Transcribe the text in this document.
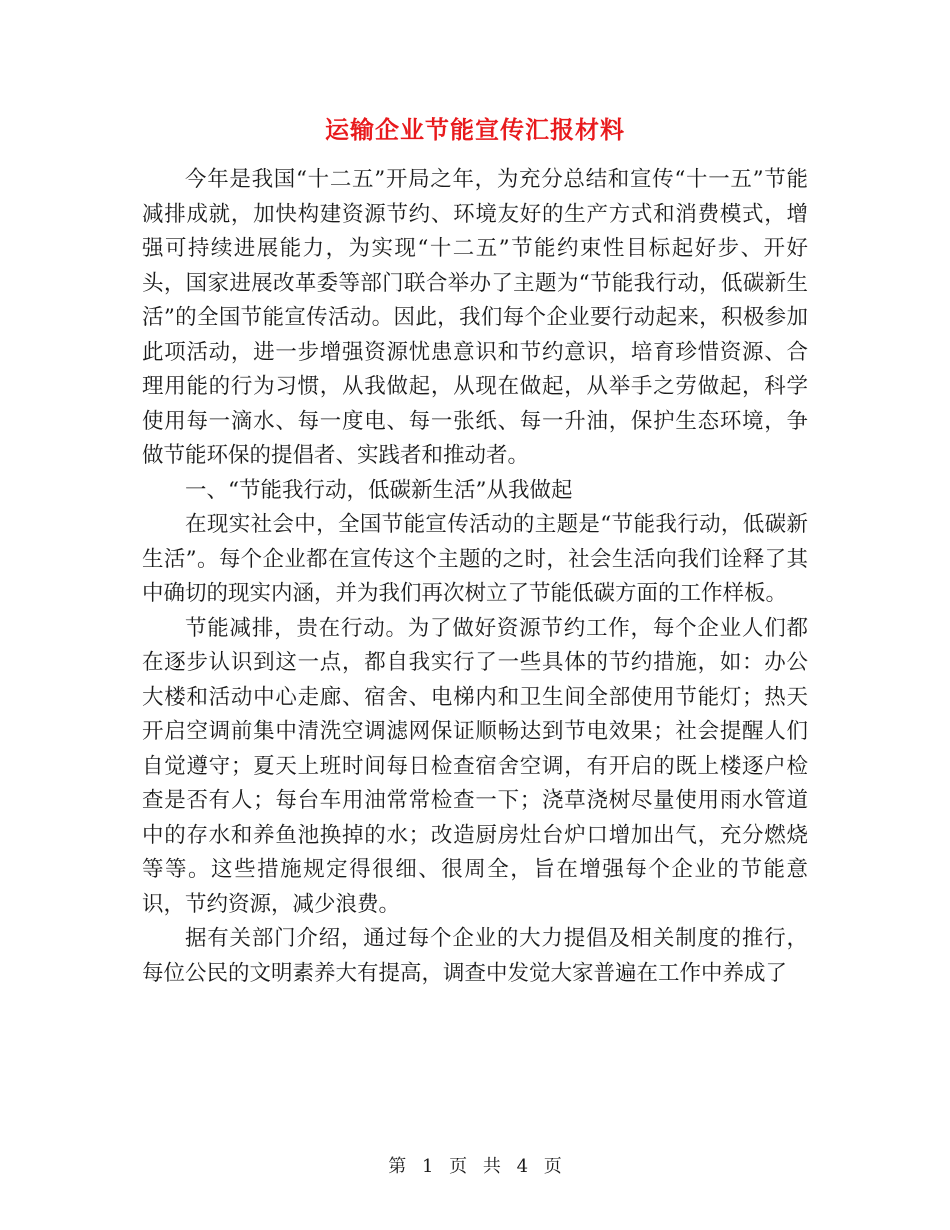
运输企业节能宣传汇报材料

今年是我国“十二五”开局之年，为充分总结和宣传“十一五”节能减排成就，加快构建资源节约、环境友好的生产方式和消费模式，增强可持续进展能力，为实现“十二五”节能约束性目标起好步、开好头，国家进展改革委等部门联合举办了主题为“节能我行动，低碳新生活”的全国节能宣传活动。因此，我们每个企业要行动起来，积极参加此项活动，进一步增强资源忧患意识和节约意识，培育珍惜资源、合理用能的行为习惯，从我做起，从现在做起，从举手之劳做起，科学使用每一滴水、每一度电、每一张纸、每一升油，保护生态环境，争做节能环保的提倡者、实践者和推动者。

一、“节能我行动，低碳新生活”从我做起

在现实社会中，全国节能宣传活动的主题是“节能我行动，低碳新生活”。每个企业都在宣传这个主题的之时，社会生活向我们诠释了其中确切的现实内涵，并为我们再次树立了节能低碳方面的工作样板。

节能减排，贵在行动。为了做好资源节约工作，每个企业人们都在逐步认识到这一点，都自我实行了一些具体的节约措施，如：办公大楼和活动中心走廊、宿舍、电梯内和卫生间全部使用节能灯；热天开启空调前集中清洗空调滤网保证顺畅达到节电效果；社会提醒人们自觉遵守；夏天上班时间每日检查宿舍空调，有开启的既上楼逐户检查是否有人；每台车用油常常检查一下；浇草浇树尽量使用雨水管道中的存水和养鱼池换掉的水；改造厨房灶台炉口增加出气，充分燃烧等等。这些措施规定得很细、很周全，旨在增强每个企业的节能意识，节约资源，减少浪费。

据有关部门介绍，通过每个企业的大力提倡及相关制度的推行，每位公民的文明素养大有提高，调查中发觉大家普遍在工作中养成了

第 1 页 共 4 页
